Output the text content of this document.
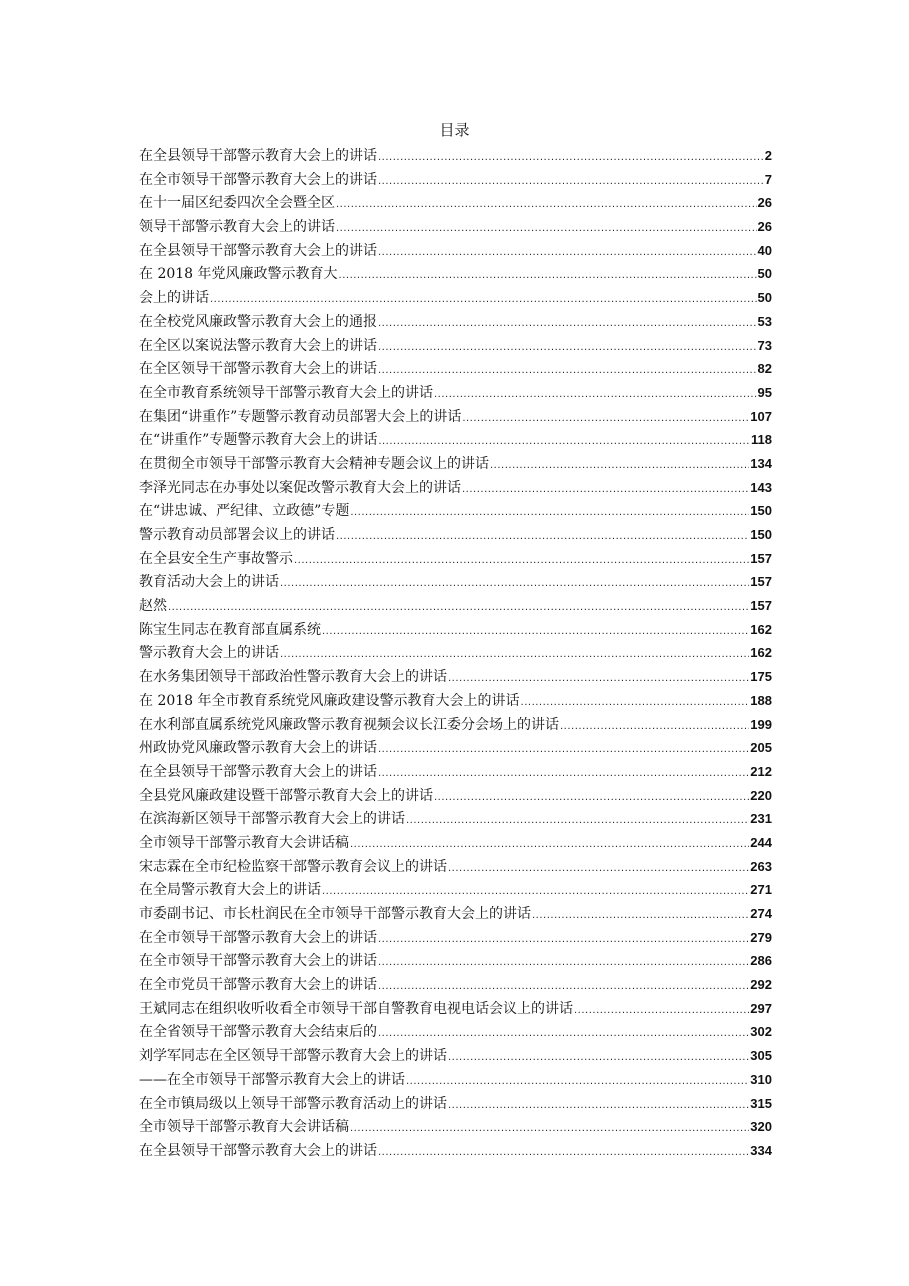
目录
在全县领导干部警示教育大会上的讲话 .....	2
在全市领导干部警示教育大会上的讲话 .....	7
在十一届区纪委四次全会暨全区 .....	26
领导干部警示教育大会上的讲话 .....	26
在全县领导干部警示教育大会上的讲话 .....	40
在 2018 年党风廉政警示教育大 .....	50
会上的讲话 .....	50
在全校党风廉政警示教育大会上的通报 .....	53
在全区以案说法警示教育大会上的讲话 .....	73
在全区领导干部警示教育大会上的讲话 .....	82
在全市教育系统领导干部警示教育大会上的讲话 .....	95
在集团“讲重作”专题警示教育动员部署大会上的讲话 .....	107
在“讲重作”专题警示教育大会上的讲话 .....	118
在贯彻全市领导干部警示教育大会精神专题会议上的讲话 .....	134
李泽光同志在办事处以案促改警示教育大会上的讲话 .....	143
在“讲忠诚、严纪律、立政德”专题 .....	150
警示教育动员部署会议上的讲话 .....	150
在全县安全生产事故警示 .....	157
教育活动大会上的讲话 .....	157
赵然 .....	157
陈宝生同志在教育部直属系统 .....	162
警示教育大会上的讲话 .....	162
在水务集团领导干部政治性警示教育大会上的讲话 .....	175
在 2018 年全市教育系统党风廉政建设警示教育大会上的讲话 .....	188
在水利部直属系统党风廉政警示教育视频会议长江委分会场上的讲话 .....	199
州政协党风廉政警示教育大会上的讲话 .....	205
在全县领导干部警示教育大会上的讲话 .....	212
全县党风廉政建设暨干部警示教育大会上的讲话 .....	220
在滨海新区领导干部警示教育大会上的讲话 .....	231
全市领导干部警示教育大会讲话稿 .....	244
宋志霖在全市纪检监察干部警示教育会议上的讲话 .....	263
在全局警示教育大会上的讲话 .....	271
市委副书记、市长杜润民在全市领导干部警示教育大会上的讲话 .....	274
在全市领导干部警示教育大会上的讲话 .....	279
在全市领导干部警示教育大会上的讲话 .....	286
在全市党员干部警示教育大会上的讲话 .....	292
王斌同志在组织收听收看全市领导干部自警教育电视电话会议上的讲话 .....	297
在全省领导干部警示教育大会结束后的 .....	302
刘学军同志在全区领导干部警示教育大会上的讲话 .....	305
——在全市领导干部警示教育大会上的讲话 .....	310
在全市镇局级以上领导干部警示教育活动上的讲话 .....	315
全市领导干部警示教育大会讲话稿 .....	320
在全县领导干部警示教育大会上的讲话 .....	334
